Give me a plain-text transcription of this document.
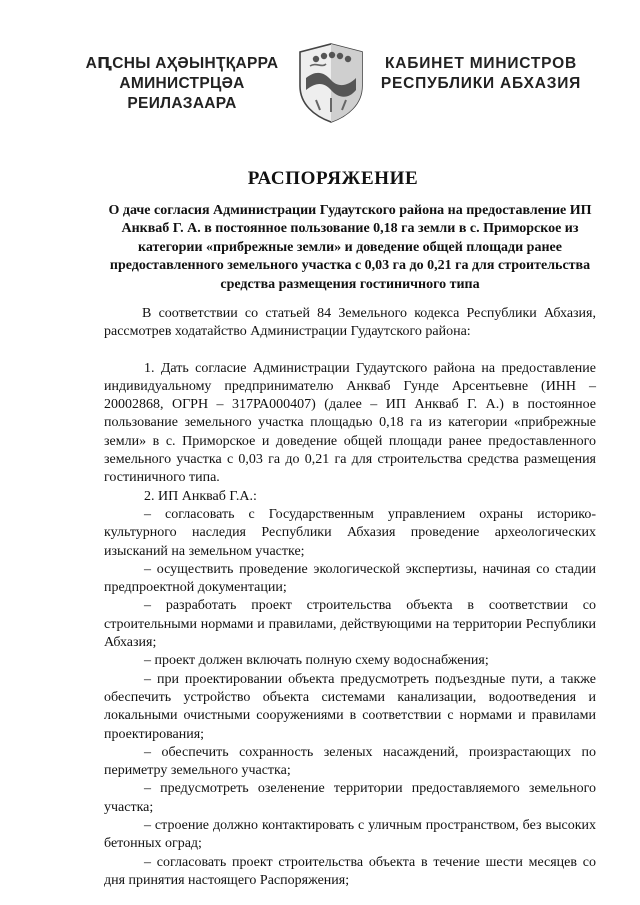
АԤСНЫ АҲӘЫНҬҚАРРА
АМИНИСТРЦӘА РЕИЛАЗААРА
КАБИНЕТ МИНИСТРОВ
РЕСПУБЛИКИ АБХАЗИЯ
РАСПОРЯЖЕНИЕ
О даче согласия Администрации Гудаутского района на предоставление ИП Анкваб Г. А. в постоянное пользование 0,18 га земли в с. Приморское из категории «прибрежные земли» и доведение общей площади ранее предоставленного земельного участка с 0,03 га до 0,21 га для строительства средства размещения гостиничного типа

В соответствии со статьей 84 Земельного кодекса Республики Абхазия, рассмотрев ходатайство Администрации Гудаутского района:

1. Дать согласие Администрации Гудаутского района на предоставление индивидуальному предпринимателю Анкваб Гунде Арсентьевне (ИНН – 20002868, ОГРН – 317РА000407) (далее – ИП Анкваб Г. А.) в постоянное пользование земельного участка площадью 0,18 га из категории «прибрежные земли» в с. Приморское и доведение общей площади ранее предоставленного земельного участка с 0,03 га до 0,21 га для строительства средства размещения гостиничного типа.

2. ИП Анкваб Г.А.:

– согласовать с Государственным управлением охраны историко-культурного наследия Республики Абхазия проведение археологических изысканий на земельном участке;

– осуществить проведение экологической экспертизы, начиная со стадии предпроектной документации;

– разработать проект строительства объекта в соответствии со строительными нормами и правилами, действующими на территории Республики Абхазия;

– проект должен включать полную схему водоснабжения;

– при проектировании объекта предусмотреть подъездные пути, а также обеспечить устройство объекта системами канализации, водоотведения и локальными очистными сооружениями в соответствии с нормами и правилами проектирования;

– обеспечить сохранность зеленых насаждений, произрастающих по периметру земельного участка;

– предусмотреть озеленение территории предоставляемого земельного участка;

– строение должно контактировать с уличным пространством, без высоких бетонных оград;

– согласовать проект строительства объекта в течение шести месяцев со дня принятия настоящего Распоряжения;
